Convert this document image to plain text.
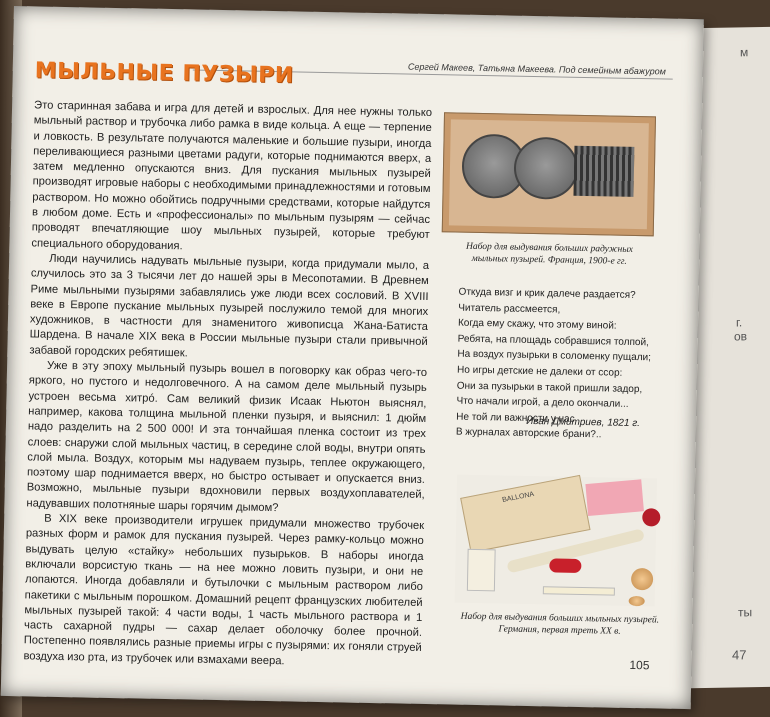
м
г.
ов
ты
47
Сергей Макеев, Татьяна Макеева. Под семейным абажуром
МЫЛЬНЫЕ ПУЗЫРИ

Это старинная забава и игра для детей и взрослых. Для нее нужны только мыльный раствор и трубочка либо рамка в виде кольца. А еще — терпение и ловкость. В результате получаются маленькие и большие пузыри, иногда переливающиеся разными цветами радуги, которые поднимаются вверх, а затем медленно опускаются вниз. Для пускания мыльных пузырей производят игровые наборы с необходимыми принадлежностями и готовым раствором. Но можно обойтись подручными средствами, которые найдутся в любом доме. Есть и «профессионалы» по мыльным пузырям — сейчас проводят впечатляющие шоу мыльных пузырей, которые требуют специального оборудования.

Люди научились надувать мыльные пузыри, когда придумали мыло, а случилось это за 3 тысячи лет до нашей эры в Месопотамии. В Древнем Риме мыльными пузырями забавлялись уже люди всех сословий. В XVIII веке в Европе пускание мыльных пузырей послужило темой для многих художников, в частности для знаменитого живописца Жана-Батиста Шардена. В начале XIX века в России мыльные пузыри стали привычной забавой городских ребятишек.

Уже в эту эпоху мыльный пузырь вошел в поговорку как образ чего-то яркого, но пустого и недолговечного. А на самом деле мыльный пузырь устроен весьма хитрó. Сам великий физик Исаак Ньютон выяснял, например, какова толщина мыльной пленки пузыря, и выяснил: 1 дюйм надо разделить на 2 500 000! И эта тончайшая пленка состоит из трех слоев: снаружи слой мыльных частиц, в середине слой воды, внутри опять слой мыла. Воздух, которым мы надуваем пузырь, теплее окружающего, поэтому шар поднимается вверх, но быстро остывает и опускается вниз. Возможно, мыльные пузыри вдохновили первых воздухоплавателей, надувавших полотняные шары горячим дымом?

В XIX веке производители игрушек придумали множество трубочек разных форм и рамок для пускания пузырей. Через рамку-кольцо можно выдувать целую «стайку» небольших пузырьков. В наборы иногда включали ворсистую ткань — на нее можно ловить пузыри, и они не лопаются. Иногда добавляли и бутылочки с мыльным раствором либо пакетики с мыльным порошком. Домашний рецепт французских любителей мыльных пузырей такой: 4 части воды, 1 часть мыльного раствора и 1 часть сахарной пудры — сахар делает оболочку более прочной. Постепенно появлялись разные приемы игры с пузырями: их гоняли струей воздуха изо рта, из трубочек или взмахами веера.

Набор для выдувания больших радужных мыльных пузырей. Франция, 1900-е гг.
Откуда визг и крик далече раздается?
Читатель рассмеется,
Когда ему скажу, что этому виной:
Ребята, на площадь собравшися толпой,
На воздух пузырьки в соломенку пущали;
Но игры детские не далеки от ссор:
Они за пузырьки в такой пришли задор,
Что начали игрой, а дело окончали...
Не той ли важности у нас
В журналах авторские брани?..
Иван Дмитриев, 1821 г.
BALLONA
Набор для выдувания больших мыльных пузырей. Германия, первая треть XX в.
105
